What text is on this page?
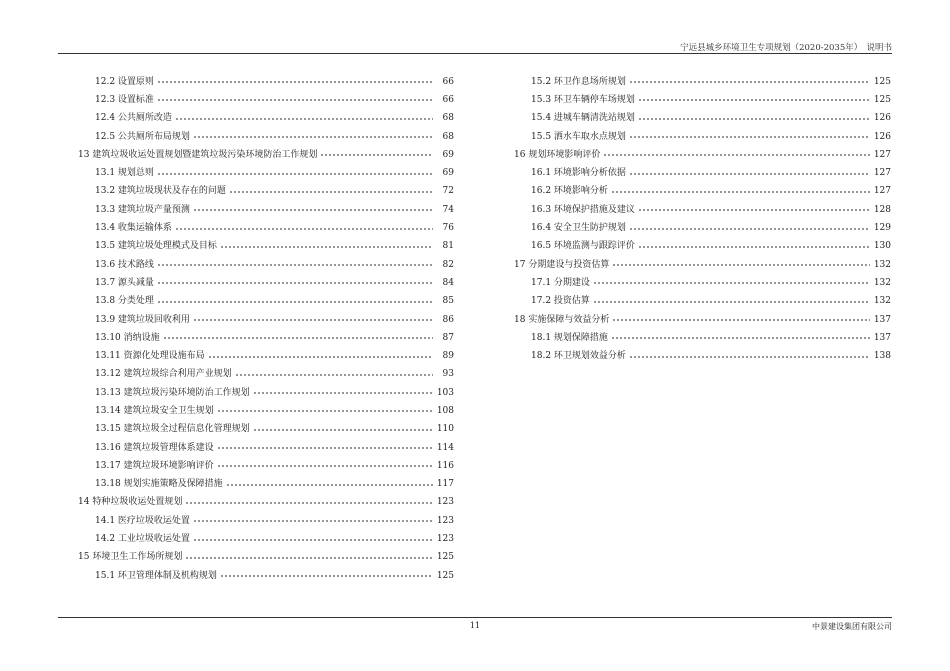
宁远县城乡环境卫生专项规划（2020-2035年）　说明书
12.2 设置原则	66
12.3 设置标准	66
12.4 公共厕所改造	68
12.5 公共厕所布局规划	68
13 建筑垃圾收运处置规划暨建筑垃圾污染环境防治工作规划	69
13.1 规划总则	69
13.2 建筑垃圾现状及存在的问题	72
13.3 建筑垃圾产量预测	74
13.4 收集运输体系	76
13.5 建筑垃圾处理模式及目标	81
13.6 技术路线	82
13.7 源头减量	84
13.8 分类处理	85
13.9 建筑垃圾回收利用	86
13.10 消纳设施	87
13.11 资源化处理设施布局	89
13.12 建筑垃圾综合利用产业规划	93
13.13 建筑垃圾污染环境防治工作规划	103
13.14 建筑垃圾安全卫生规划	108
13.15 建筑垃圾全过程信息化管理规划	110
13.16 建筑垃圾管理体系建设	114
13.17 建筑垃圾环境影响评价	116
13.18 规划实施策略及保障措施	117
14 特种垃圾收运处置规划	123
14.1 医疗垃圾收运处置	123
14.2 工业垃圾收运处置	123
15 环境卫生工作场所规划	125
15.1 环卫管理体制及机构规划	125
15.2 环卫作息场所规划	125
15.3 环卫车辆停车场规划	125
15.4 进城车辆清洗站规划	126
15.5 洒水车取水点规划	126
16 规划环境影响评价	127
16.1 环境影响分析依据	127
16.2 环境影响分析	127
16.3 环境保护措施及建议	128
16.4 安全卫生防护规划	129
16.5 环境监测与跟踪评价	130
17 分期建设与投资估算	132
17.1 分期建设	132
17.2 投资估算	132
18 实施保障与效益分析	137
18.1 规划保障措施	137
18.2 环卫规划效益分析	138
11	中景建设集团有限公司
